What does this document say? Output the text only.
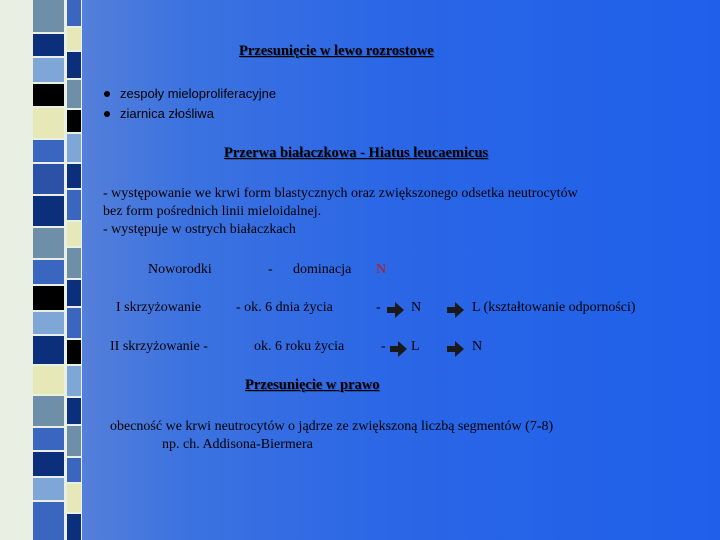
Przesunięcie w lewo rozrostowe
zespoły mieloproliferacyjne
ziarnica złośliwa
Przerwa białaczkowa - Hiatus leucaemicus
- występowanie we krwi form blastycznych oraz zwiększonego odsetka neutrocytów
bez form pośrednich linii mieloidalnej.
- występuje w ostrych białaczkach
Noworodki	- dominacja N
I skrzyżowanie - ok. 6 dnia życia	- N	L (kształtowanie odporności)
II skrzyżowanie -	ok. 6 roku życia	- L	N
Przesunięcie w prawo
obecność we krwi neutrocytów o jądrze ze zwiększoną liczbą segmentów (7-8)
np. ch. Addisona-Biermera
